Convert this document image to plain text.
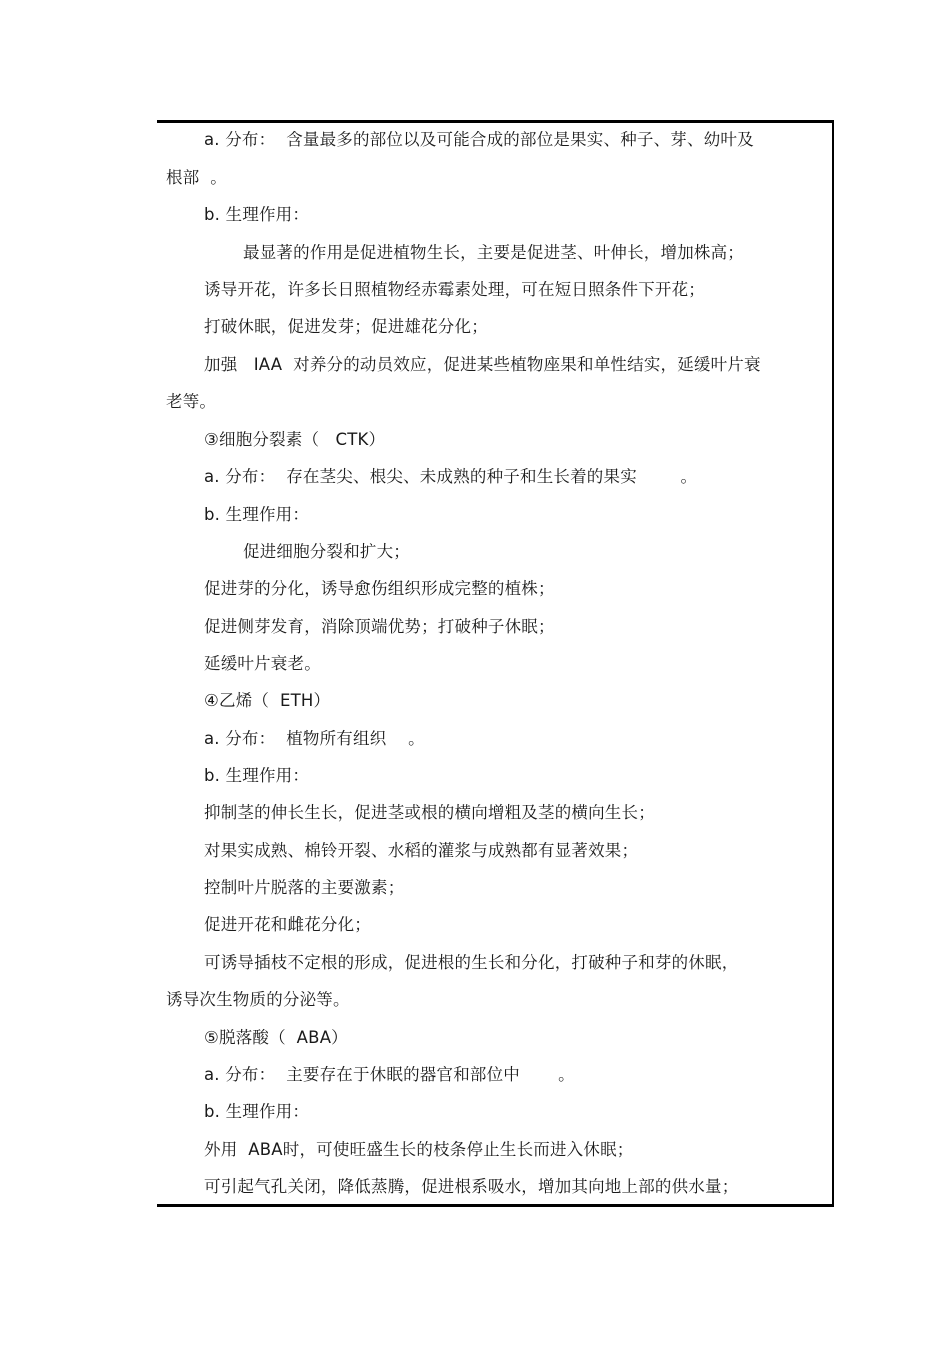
a. 分布：  含量最多的部位以及可能合成的部位是果实、种子、芽、幼叶及
根部  。
b. 生理作用：
最显著的作用是促进植物生长，主要是促进茎、叶伸长，增加株高；
诱导开花，许多长日照植物经赤霉素处理，可在短日照条件下开花；
打破休眠，促进发芽；促进雄花分化；
加强   IAA  对养分的动员效应，促进某些植物座果和单性结实，延缓叶片衰
老等。
③细胞分裂素（   CTK）
a. 分布：  存在茎尖、根尖、未成熟的种子和生长着的果实        。
b. 生理作用：
促进细胞分裂和扩大；
促进芽的分化，诱导愈伤组织形成完整的植株；
促进侧芽发育，消除顶端优势；打破种子休眠；
延缓叶片衰老。
④乙烯（  ETH）
a. 分布：  植物所有组织    。
b. 生理作用：
抑制茎的伸长生长，促进茎或根的横向增粗及茎的横向生长；
对果实成熟、棉铃开裂、水稻的灌浆与成熟都有显著效果；
控制叶片脱落的主要激素；
促进开花和雌花分化；
可诱导插枝不定根的形成，促进根的生长和分化，打破种子和芽的休眠，
诱导次生物质的分泌等。
⑤脱落酸（  ABA）
a. 分布：  主要存在于休眠的器官和部位中       。
b. 生理作用：
外用  ABA时，可使旺盛生长的枝条停止生长而进入休眠；
可引起气孔关闭，降低蒸腾，促进根系吸水，增加其向地上部的供水量；
